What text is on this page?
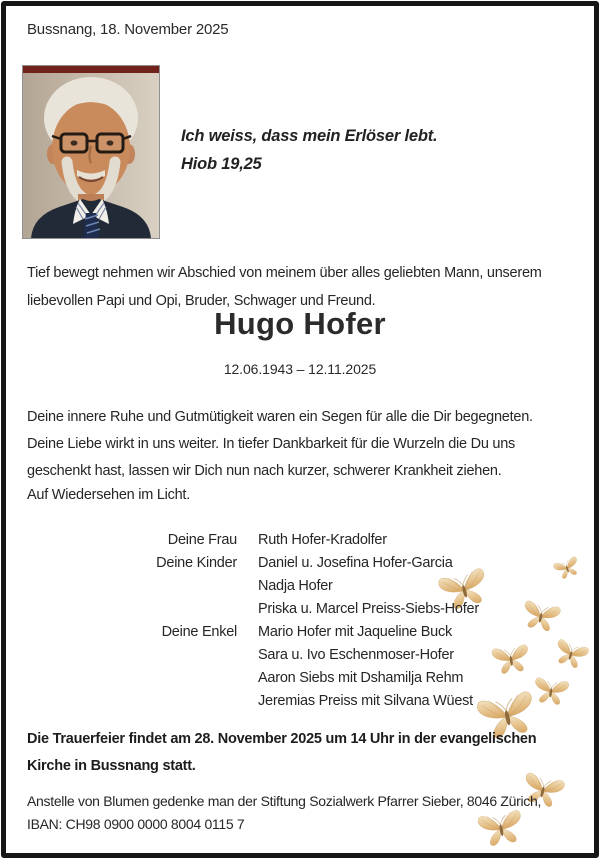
Bussnang, 18. November 2025
Ich weiss, dass mein Erlöser lebt.
Hiob 19,25
Tief bewegt nehmen wir Abschied von meinem über alles geliebten Mann, unserem
liebevollen Papi und Opi, Bruder, Schwager und Freund.
Hugo Hofer
12.06.1943 – 12.11.2025
Deine innere Ruhe und Gutmütigkeit waren ein Segen für alle die Dir begegneten.
Deine Liebe wirkt in uns weiter. In tiefer Dankbarkeit für die Wurzeln die Du uns
geschenkt hast, lassen wir Dich nun nach kurzer, schwerer Krankheit ziehen.
Auf Wiedersehen im Licht.
Deine Frau Ruth Hofer-Kradolfer
Deine Kinder Daniel u. Josefina Hofer-Garcia
Nadja Hofer
Priska u. Marcel Preiss-Siebs-Hofer
Deine Enkel Mario Hofer mit Jaqueline Buck
Sara u. Ivo Eschenmoser-Hofer
Aaron Siebs mit Dshamilja Rehm
Jeremias Preiss mit Silvana Wüest
Die Trauerfeier findet am 28. November 2025 um 14 Uhr in der evangelischen
Kirche in Bussnang statt.
Anstelle von Blumen gedenke man der Stiftung Sozialwerk Pfarrer Sieber, 8046 Zürich,
IBAN: CH98 0900 0000 8004 0115 7
